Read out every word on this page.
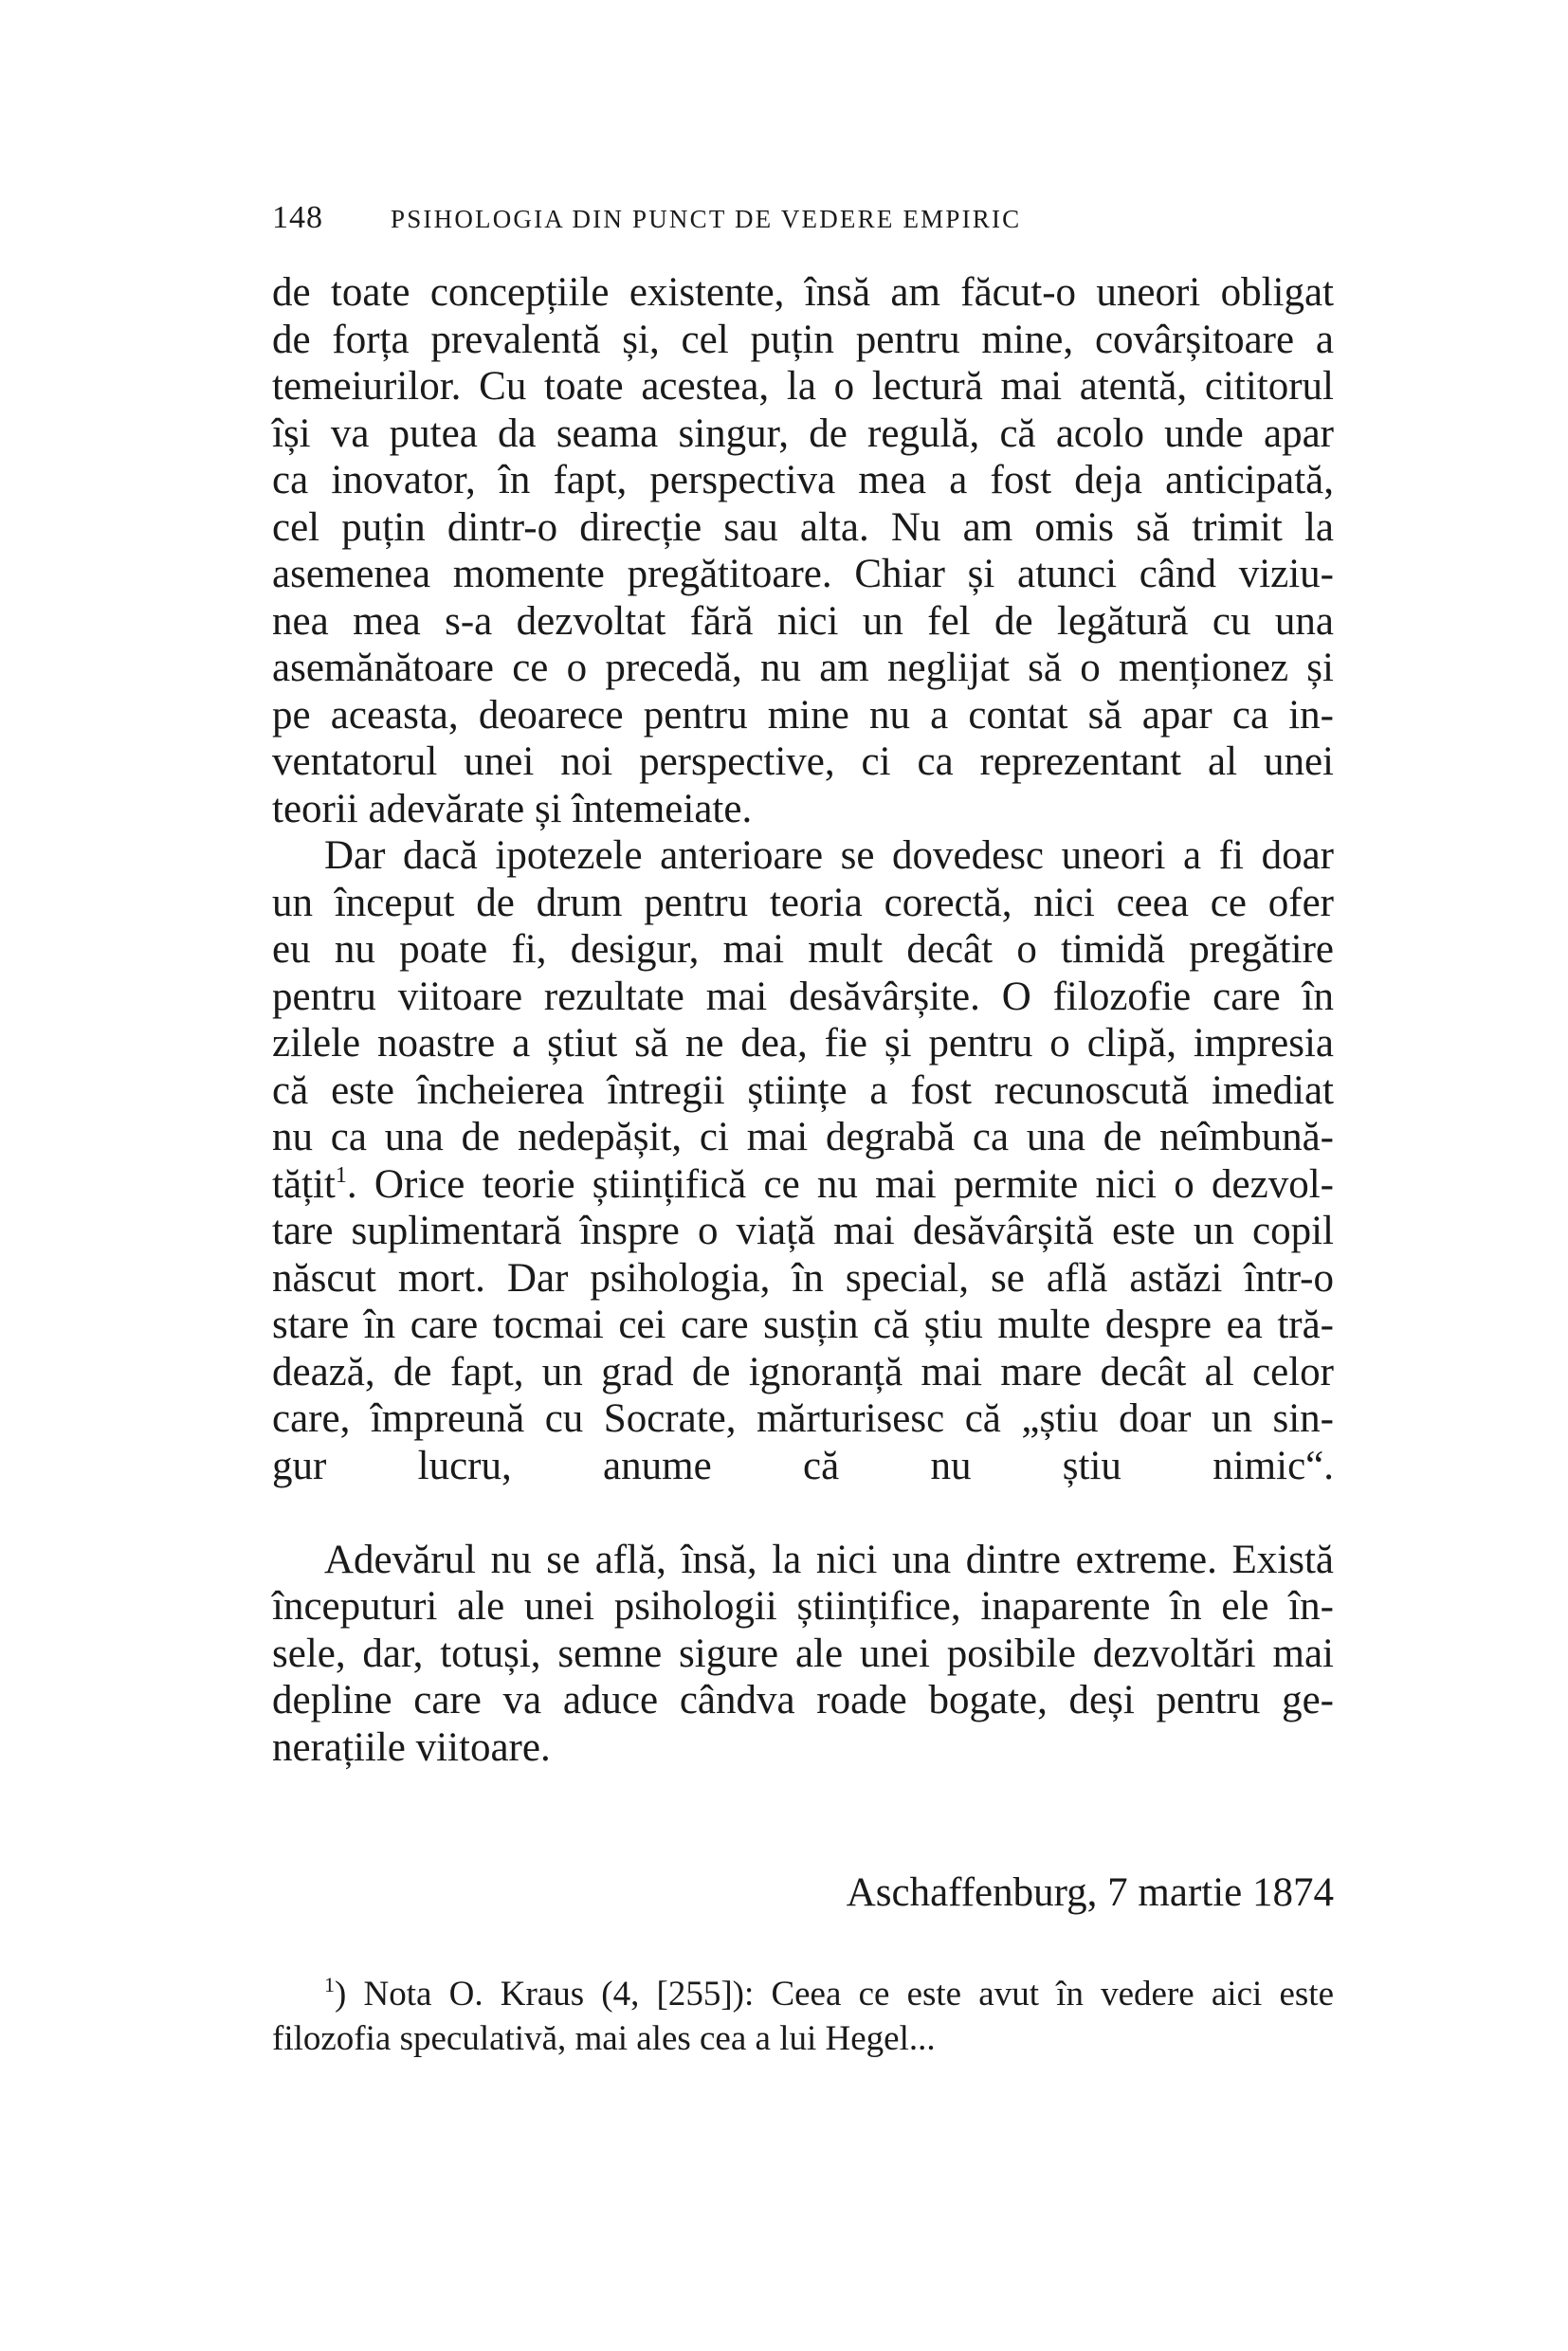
148	PSIHOLOGIA DIN PUNCT DE VEDERE EMPIRIC
de toate concepțiile existente, însă am făcut-o uneori obligat
de forța prevalentă și, cel puțin pentru mine, covârșitoare a
temeiurilor. Cu toate acestea, la o lectură mai atentă, cititorul
își va putea da seama singur, de regulă, că acolo unde apar
ca inovator, în fapt, perspectiva mea a fost deja anticipată,
cel puțin dintr-o direcție sau alta. Nu am omis să trimit la
asemenea momente pregătitoare. Chiar și atunci când viziu-
nea mea s-a dezvoltat fără nici un fel de legătură cu una
asemănătoare ce o precedă, nu am neglijat să o menționez și
pe aceasta, deoarece pentru mine nu a contat să apar ca in-
ventatorul unei noi perspective, ci ca reprezentant al unei
teorii adevărate și întemeiate.
Dar dacă ipotezele anterioare se dovedesc uneori a fi doar
un început de drum pentru teoria corectă, nici ceea ce ofer
eu nu poate fi, desigur, mai mult decât o timidă pregătire
pentru viitoare rezultate mai desăvârșite. O filozofie care în
zilele noastre a știut să ne dea, fie și pentru o clipă, impresia
că este încheierea întregii științe a fost recunoscută imediat
nu ca una de nedepășit, ci mai degrabă ca una de neîmbună-
tățit$^1$. Orice teorie științifică ce nu mai permite nici o dezvol-
tare suplimentară înspre o viață mai desăvârșită este un copil
născut mort. Dar psihologia, în special, se află astăzi într-o
stare în care tocmai cei care susțin că știu multe despre ea tră-
dează, de fapt, un grad de ignoranță mai mare decât al celor
care, împreună cu Socrate, mărturisesc că „știu doar un sin-
gur lucru, anume că nu știu nimic“.
Adevărul nu se află, însă, la nici una dintre extreme. Există
începuturi ale unei psihologii științifice, inaparente în ele în-
sele, dar, totuși, semne sigure ale unei posibile dezvoltări mai
depline care va aduce cândva roade bogate, deși pentru ge-
nerațiile viitoare.
Aschaffenburg, 7 martie 1874
$^1$) Nota O. Kraus (4, [255]): Ceea ce este avut în vedere aici este
filozofia speculativă, mai ales cea a lui Hegel...
